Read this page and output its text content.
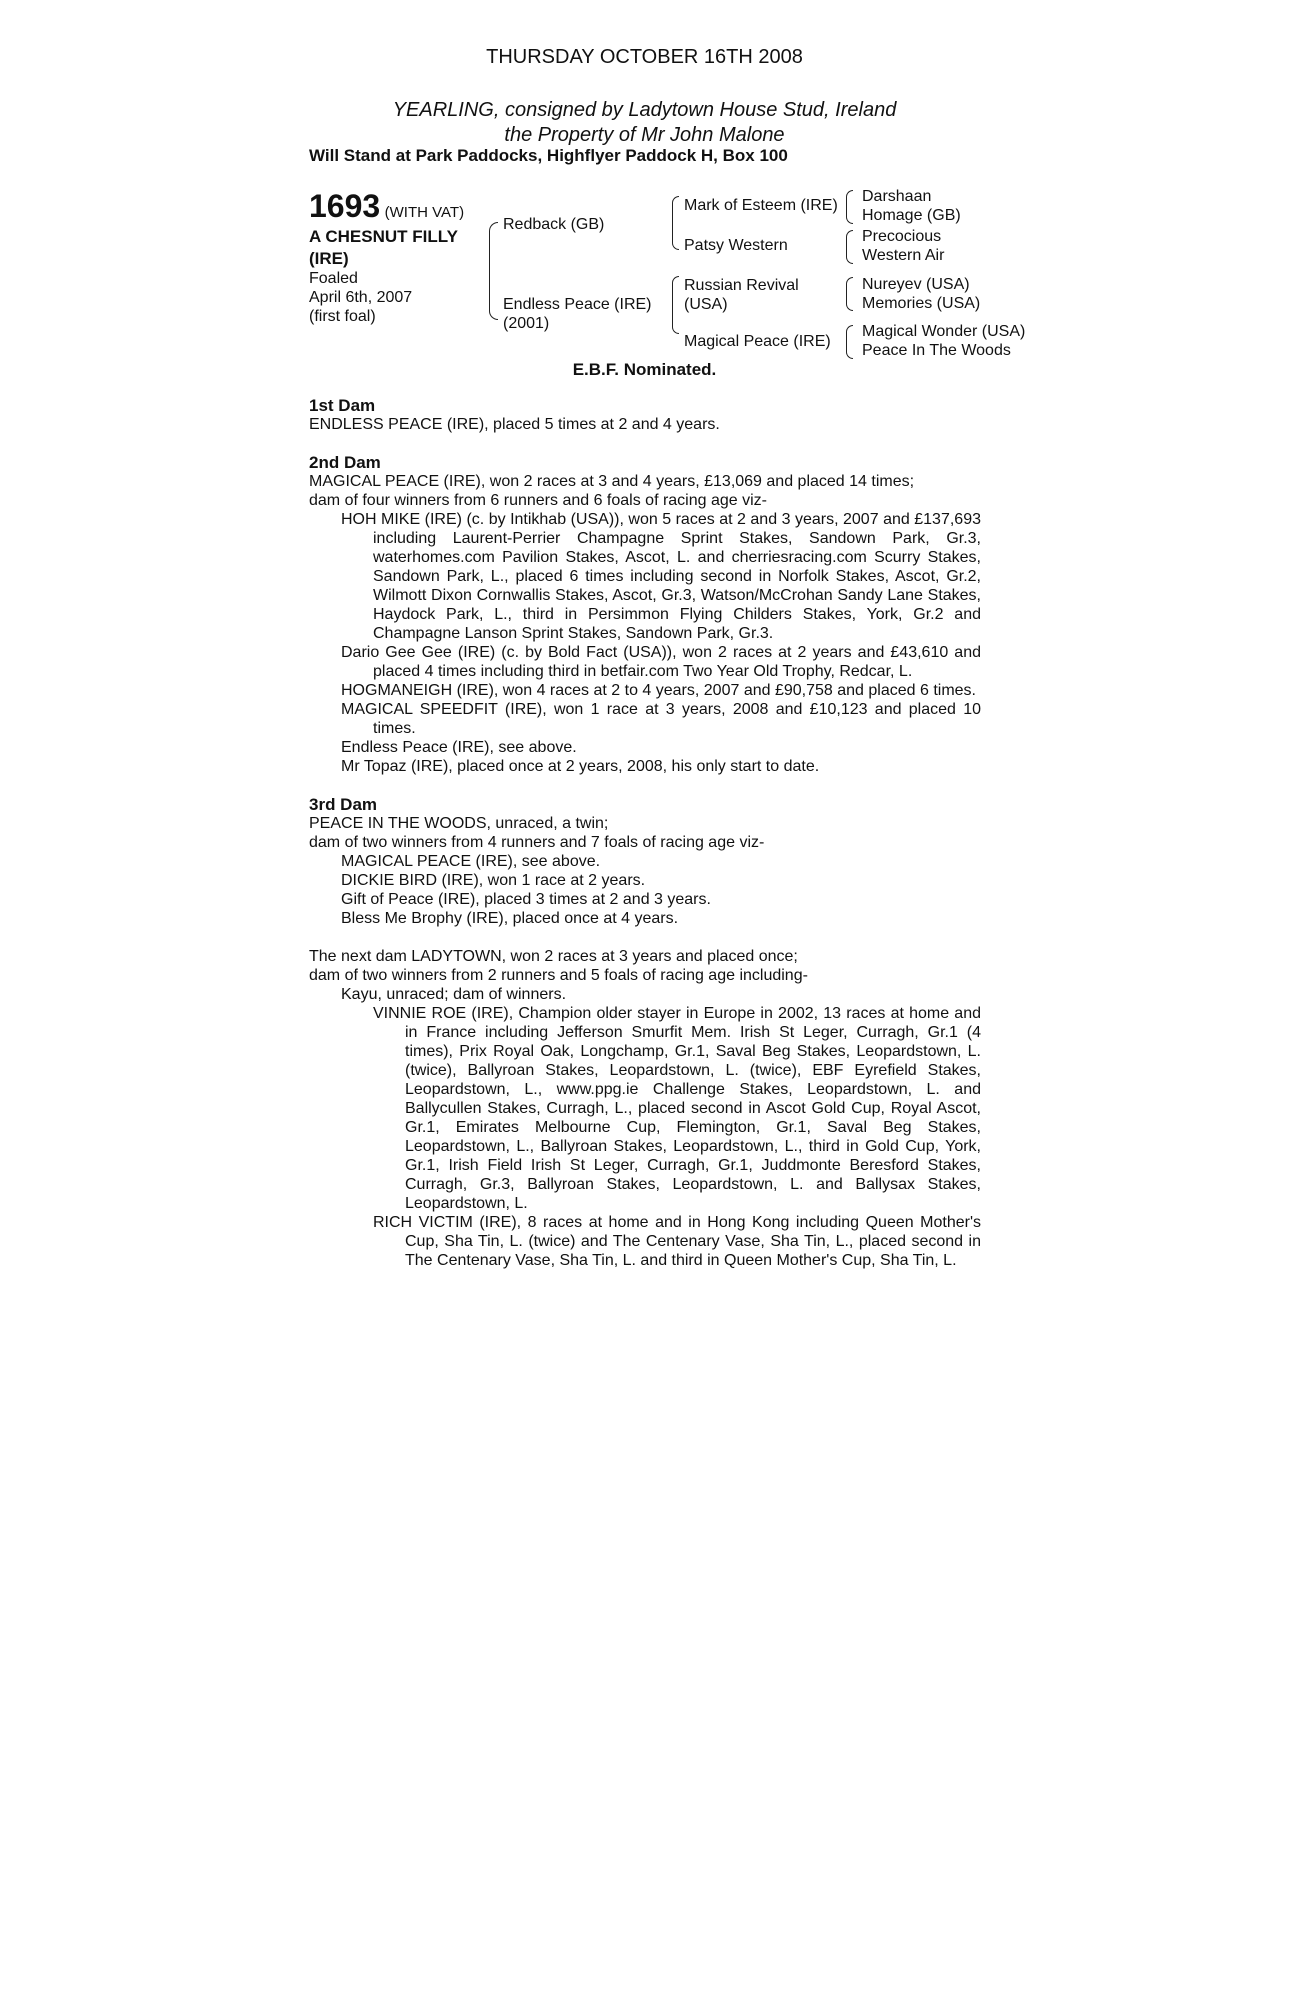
THURSDAY OCTOBER 16TH 2008
YEARLING, consigned by Ladytown House Stud, Ireland
the Property of Mr John Malone
Will Stand at Park Paddocks, Highflyer Paddock H, Box 100
1693 (WITH VAT)
A CHESNUT FILLY
(IRE)
Foaled
April 6th, 2007
(first foal)
Redback (GB)
Endless Peace (IRE)
(2001)
Mark of Esteem (IRE)
Patsy Western
Russian Revival
(USA)
Magical Peace (IRE)
Darshaan
Homage (GB)
Precocious
Western Air
Nureyev (USA)
Memories (USA)
Magical Wonder (USA)
Peace In The Woods
E.B.F. Nominated.

1st Dam

ENDLESS PEACE (IRE), placed 5 times at 2 and 4 years.

2nd Dam

MAGICAL PEACE (IRE), won 2 races at 3 and 4 years, £13,069 and placed 14 times;

dam of four winners from 6 runners and 6 foals of racing age viz-

HOH MIKE (IRE) (c. by Intikhab (USA)), won 5 races at 2 and 3 years, 2007 and £137,693 including Laurent-Perrier Champagne Sprint Stakes, Sandown Park, Gr.3, waterhomes.com Pavilion Stakes, Ascot, L. and cherriesracing.com Scurry Stakes, Sandown Park, L., placed 6 times including second in Norfolk Stakes, Ascot, Gr.2, Wilmott Dixon Cornwallis Stakes, Ascot, Gr.3, Watson/McCrohan Sandy Lane Stakes, Haydock Park, L., third in Persimmon Flying Childers Stakes, York, Gr.2 and Champagne Lanson Sprint Stakes, Sandown Park, Gr.3.

Dario Gee Gee (IRE) (c. by Bold Fact (USA)), won 2 races at 2 years and £43,610 and placed 4 times including third in betfair.com Two Year Old Trophy, Redcar, L.

HOGMANEIGH (IRE), won 4 races at 2 to 4 years, 2007 and £90,758 and placed 6 times.

MAGICAL SPEEDFIT (IRE), won 1 race at 3 years, 2008 and £10,123 and placed 10 times.

Endless Peace (IRE), see above.

Mr Topaz (IRE), placed once at 2 years, 2008, his only start to date.

3rd Dam

PEACE IN THE WOODS, unraced, a twin;

dam of two winners from 4 runners and 7 foals of racing age viz-

MAGICAL PEACE (IRE), see above.

DICKIE BIRD (IRE), won 1 race at 2 years.

Gift of Peace (IRE), placed 3 times at 2 and 3 years.

Bless Me Brophy (IRE), placed once at 4 years.

The next dam LADYTOWN, won 2 races at 3 years and placed once;

dam of two winners from 2 runners and 5 foals of racing age including-

Kayu, unraced; dam of winners.

VINNIE ROE (IRE), Champion older stayer in Europe in 2002, 13 races at home and in France including Jefferson Smurfit Mem. Irish St Leger, Curragh, Gr.1 (4 times), Prix Royal Oak, Longchamp, Gr.1, Saval Beg Stakes, Leopardstown, L. (twice), Ballyroan Stakes, Leopardstown, L. (twice), EBF Eyrefield Stakes, Leopardstown, L., www.ppg.ie Challenge Stakes, Leopardstown, L. and Ballycullen Stakes, Curragh, L., placed second in Ascot Gold Cup, Royal Ascot, Gr.1, Emirates Melbourne Cup, Flemington, Gr.1, Saval Beg Stakes, Leopardstown, L., Ballyroan Stakes, Leopardstown, L., third in Gold Cup, York, Gr.1, Irish Field Irish St Leger, Curragh, Gr.1, Juddmonte Beresford Stakes, Curragh, Gr.3, Ballyroan Stakes, Leopardstown, L. and Ballysax Stakes, Leopardstown, L.

RICH VICTIM (IRE), 8 races at home and in Hong Kong including Queen Mother's Cup, Sha Tin, L. (twice) and The Centenary Vase, Sha Tin, L., placed second in The Centenary Vase, Sha Tin, L. and third in Queen Mother's Cup, Sha Tin, L.
